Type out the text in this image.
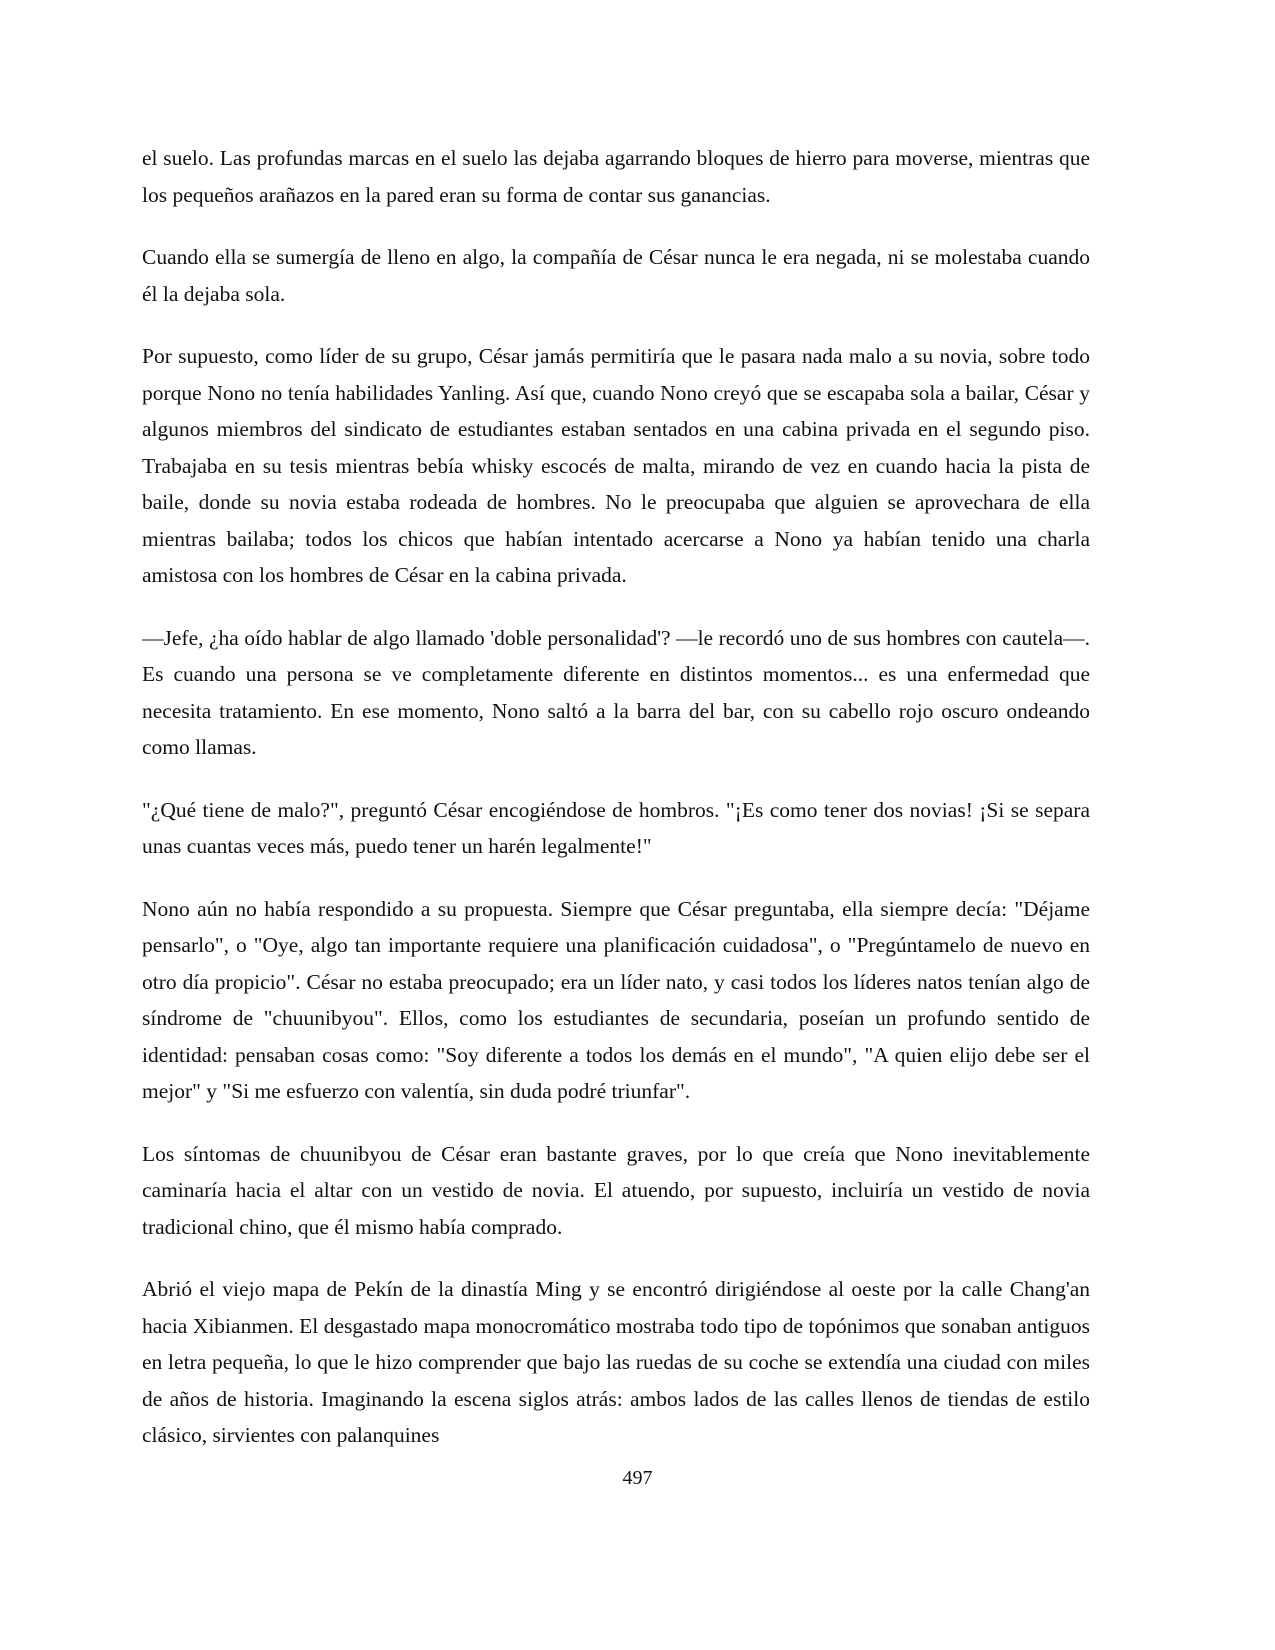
el suelo. Las profundas marcas en el suelo las dejaba agarrando bloques de hierro para moverse, mientras que los pequeños arañazos en la pared eran su forma de contar sus ganancias.

Cuando ella se sumergía de lleno en algo, la compañía de César nunca le era negada, ni se molestaba cuando él la dejaba sola.

Por supuesto, como líder de su grupo, César jamás permitiría que le pasara nada malo a su novia, sobre todo porque Nono no tenía habilidades Yanling. Así que, cuando Nono creyó que se escapaba sola a bailar, César y algunos miembros del sindicato de estudiantes estaban sentados en una cabina privada en el segundo piso. Trabajaba en su tesis mientras bebía whisky escocés de malta, mirando de vez en cuando hacia la pista de baile, donde su novia estaba rodeada de hombres. No le preocupaba que alguien se aprovechara de ella mientras bailaba; todos los chicos que habían intentado acercarse a Nono ya habían tenido una charla amistosa con los hombres de César en la cabina privada.

—Jefe, ¿ha oído hablar de algo llamado 'doble personalidad'? —le recordó uno de sus hombres con cautela—. Es cuando una persona se ve completamente diferente en distintos momentos... es una enfermedad que necesita tratamiento. En ese momento, Nono saltó a la barra del bar, con su cabello rojo oscuro ondeando como llamas.

"¿Qué tiene de malo?", preguntó César encogiéndose de hombros. "¡Es como tener dos novias! ¡Si se separa unas cuantas veces más, puedo tener un harén legalmente!"

Nono aún no había respondido a su propuesta. Siempre que César preguntaba, ella siempre decía: "Déjame pensarlo", o "Oye, algo tan importante requiere una planificación cuidadosa", o "Pregúntamelo de nuevo en otro día propicio". César no estaba preocupado; era un líder nato, y casi todos los líderes natos tenían algo de síndrome de "chuunibyou". Ellos, como los estudiantes de secundaria, poseían un profundo sentido de identidad: pensaban cosas como: "Soy diferente a todos los demás en el mundo", "A quien elijo debe ser el mejor" y "Si me esfuerzo con valentía, sin duda podré triunfar".

Los síntomas de chuunibyou de César eran bastante graves, por lo que creía que Nono inevitablemente caminaría hacia el altar con un vestido de novia. El atuendo, por supuesto, incluiría un vestido de novia tradicional chino, que él mismo había comprado.

Abrió el viejo mapa de Pekín de la dinastía Ming y se encontró dirigiéndose al oeste por la calle Chang'an hacia Xibianmen. El desgastado mapa monocromático mostraba todo tipo de topónimos que sonaban antiguos en letra pequeña, lo que le hizo comprender que bajo las ruedas de su coche se extendía una ciudad con miles de años de historia. Imaginando la escena siglos atrás: ambos lados de las calles llenos de tiendas de estilo clásico, sirvientes con palanquines

497
